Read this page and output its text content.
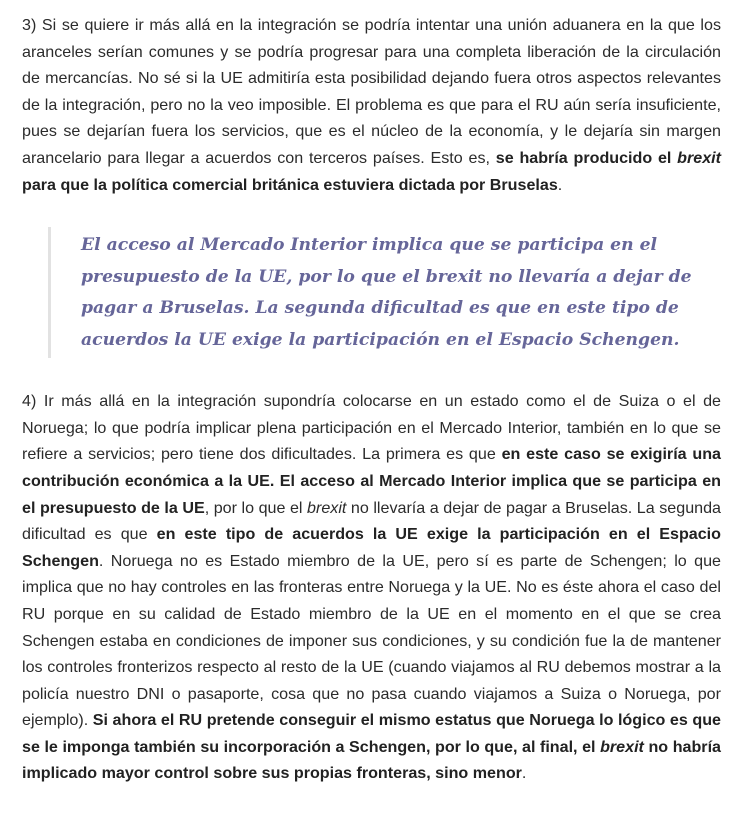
3) Si se quiere ir más allá en la integración se podría intentar una unión aduanera en la que los aranceles serían comunes y se podría progresar para una completa liberación de la circulación de mercancías. No sé si la UE admitiría esta posibilidad dejando fuera otros aspectos relevantes de la integración, pero no la veo imposible. El problema es que para el RU aún sería insuficiente, pues se dejarían fuera los servicios, que es el núcleo de la economía, y le dejaría sin margen arancelario para llegar a acuerdos con terceros países. Esto es, se habría producido el brexit para que la política comercial británica estuviera dictada por Bruselas.

El acceso al Mercado Interior implica que se participa en el presupuesto de la UE, por lo que el brexit no llevaría a dejar de pagar a Bruselas. La segunda dificultad es que en este tipo de acuerdos la UE exige la participación en el Espacio Schengen.

4) Ir más allá en la integración supondría colocarse en un estado como el de Suiza o el de Noruega; lo que podría implicar plena participación en el Mercado Interior, también en lo que se refiere a servicios; pero tiene dos dificultades. La primera es que en este caso se exigiría una contribución económica a la UE. El acceso al Mercado Interior implica que se participa en el presupuesto de la UE, por lo que el brexit no llevaría a dejar de pagar a Bruselas. La segunda dificultad es que en este tipo de acuerdos la UE exige la participación en el Espacio Schengen. Noruega no es Estado miembro de la UE, pero sí es parte de Schengen; lo que implica que no hay controles en las fronteras entre Noruega y la UE. No es éste ahora el caso del RU porque en su calidad de Estado miembro de la UE en el momento en el que se crea Schengen estaba en condiciones de imponer sus condiciones, y su condición fue la de mantener los controles fronterizos respecto al resto de la UE (cuando viajamos al RU debemos mostrar a la policía nuestro DNI o pasaporte, cosa que no pasa cuando viajamos a Suiza o Noruega, por ejemplo). Si ahora el RU pretende conseguir el mismo estatus que Noruega lo lógico es que se le imponga también su incorporación a Schengen, por lo que, al final, el brexit no habría implicado mayor control sobre sus propias fronteras, sino menor.
